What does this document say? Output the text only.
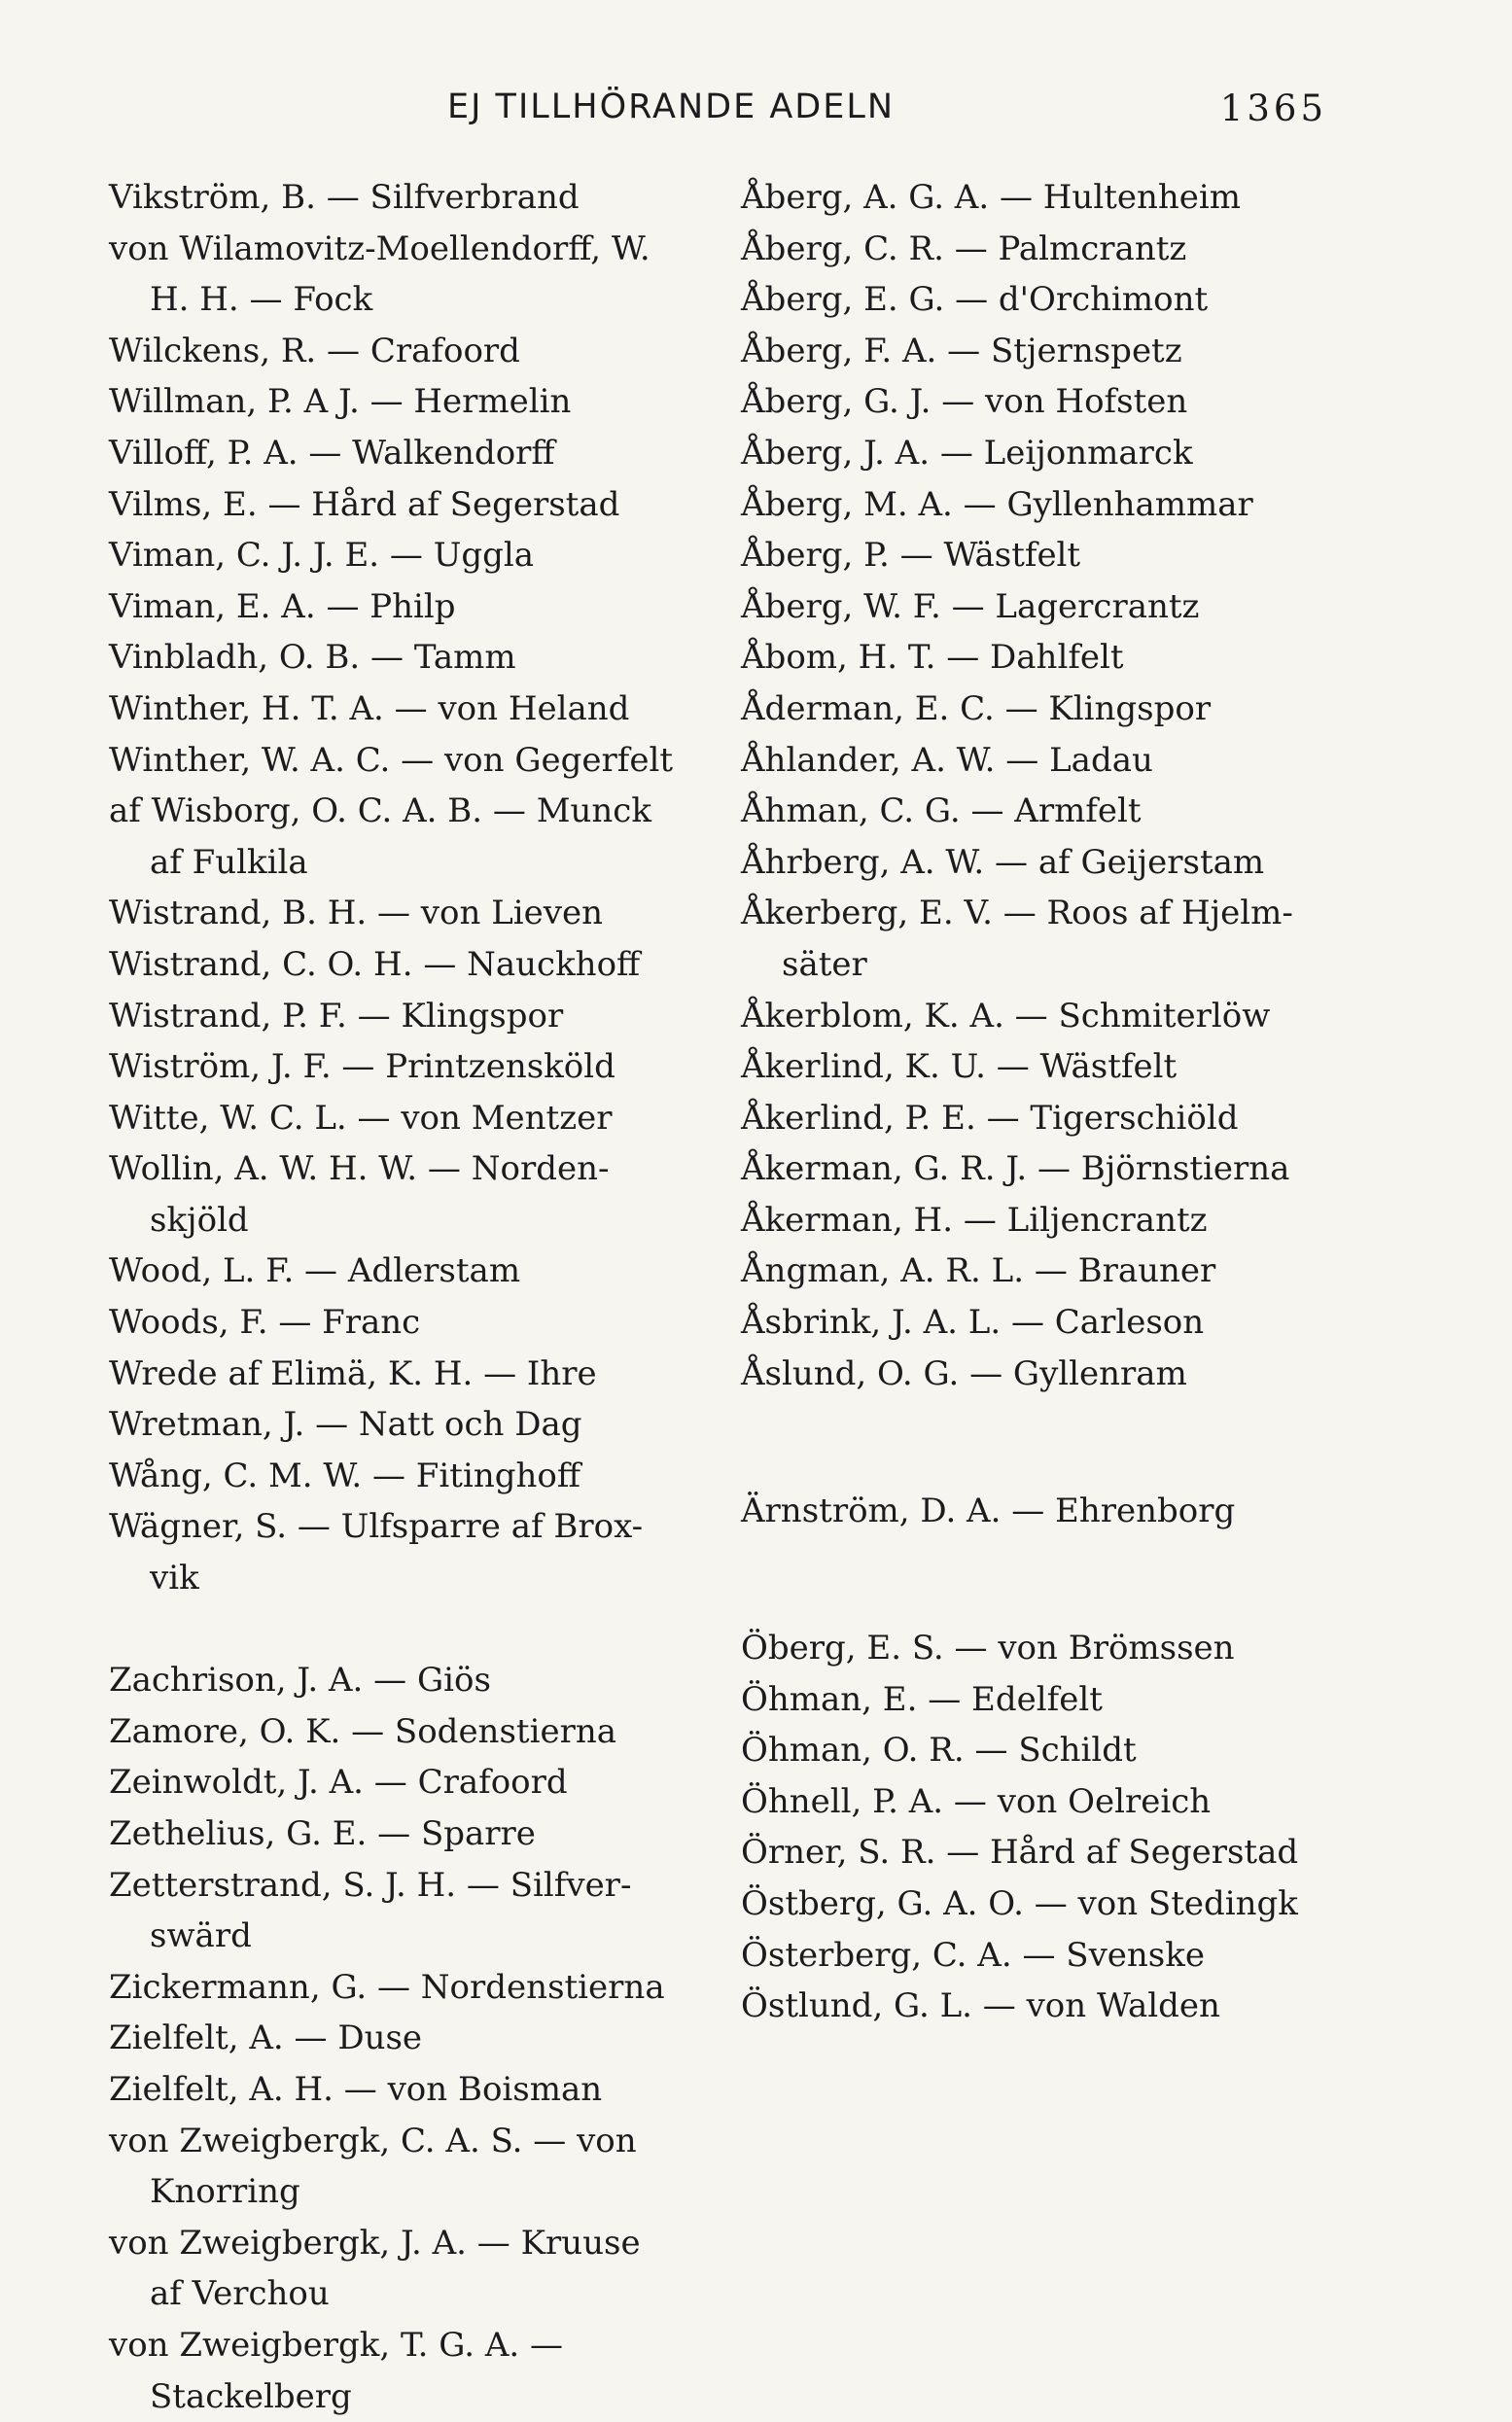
EJ TILLHÖRANDE ADELN	1365
Vikström, B. — Silfverbrand
von Wilamovitz-Moellendorff, W.
H. H. — Fock
Wilckens, R. — Crafoord
Willman, P. A J. — Hermelin
Villoff, P. A. — Walkendorff
Vilms, E. — Hård af Segerstad
Viman, C. J. J. E. — Uggla
Viman, E. A. — Philp
Vinbladh, O. B. — Tamm
Winther, H. T. A. — von Heland
Winther, W. A. C. — von Gegerfelt
af Wisborg, O. C. A. B. — Munck
af Fulkila
Wistrand, B. H. — von Lieven
Wistrand, C. O. H. — Nauckhoff
Wistrand, P. F. — Klingspor
Wiström, J. F. — Printzensköld
Witte, W. C. L. — von Mentzer
Wollin, A. W. H. W. — Norden-
skjöld
Wood, L. F. — Adlerstam
Woods, F. — Franc
Wrede af Elimä, K. H. — Ihre
Wretman, J. — Natt och Dag
Wång, C. M. W. — Fitinghoff
Wägner, S. — Ulfsparre af Brox-
vik
Zachrison, J. A. — Giös
Zamore, O. K. — Sodenstierna
Zeinwoldt, J. A. — Crafoord
Zethelius, G. E. — Sparre
Zetterstrand, S. J. H. — Silfver-
swärd
Zickermann, G. — Nordenstierna
Zielfelt, A. — Duse
Zielfelt, A. H. — von Boisman
von Zweigbergk, C. A. S. — von
Knorring
von Zweigbergk, J. A. — Kruuse
af Verchou
von Zweigbergk, T. G. A. —
Stackelberg
Åberg, A. G. A. — Hultenheim
Åberg, C. R. — Palmcrantz
Åberg, E. G. — d'Orchimont
Åberg, F. A. — Stjernspetz
Åberg, G. J. — von Hofsten
Åberg, J. A. — Leijonmarck
Åberg, M. A. — Gyllenhammar
Åberg, P. — Wästfelt
Åberg, W. F. — Lagercrantz
Åbom, H. T. — Dahlfelt
Åderman, E. C. — Klingspor
Åhlander, A. W. — Ladau
Åhman, C. G. — Armfelt
Åhrberg, A. W. — af Geijerstam
Åkerberg, E. V. — Roos af Hjelm-
säter
Åkerblom, K. A. — Schmiterlöw
Åkerlind, K. U. — Wästfelt
Åkerlind, P. E. — Tigerschiöld
Åkerman, G. R. J. — Björnstierna
Åkerman, H. — Liljencrantz
Ångman, A. R. L. — Brauner
Åsbrink, J. A. L. — Carleson
Åslund, O. G. — Gyllenram
Ärnström, D. A. — Ehrenborg
Öberg, E. S. — von Brömssen
Öhman, E. — Edelfelt
Öhman, O. R. — Schildt
Öhnell, P. A. — von Oelreich
Örner, S. R. — Hård af Segerstad
Östberg, G. A. O. — von Stedingk
Österberg, C. A. — Svenske
Östlund, G. L. — von Walden
